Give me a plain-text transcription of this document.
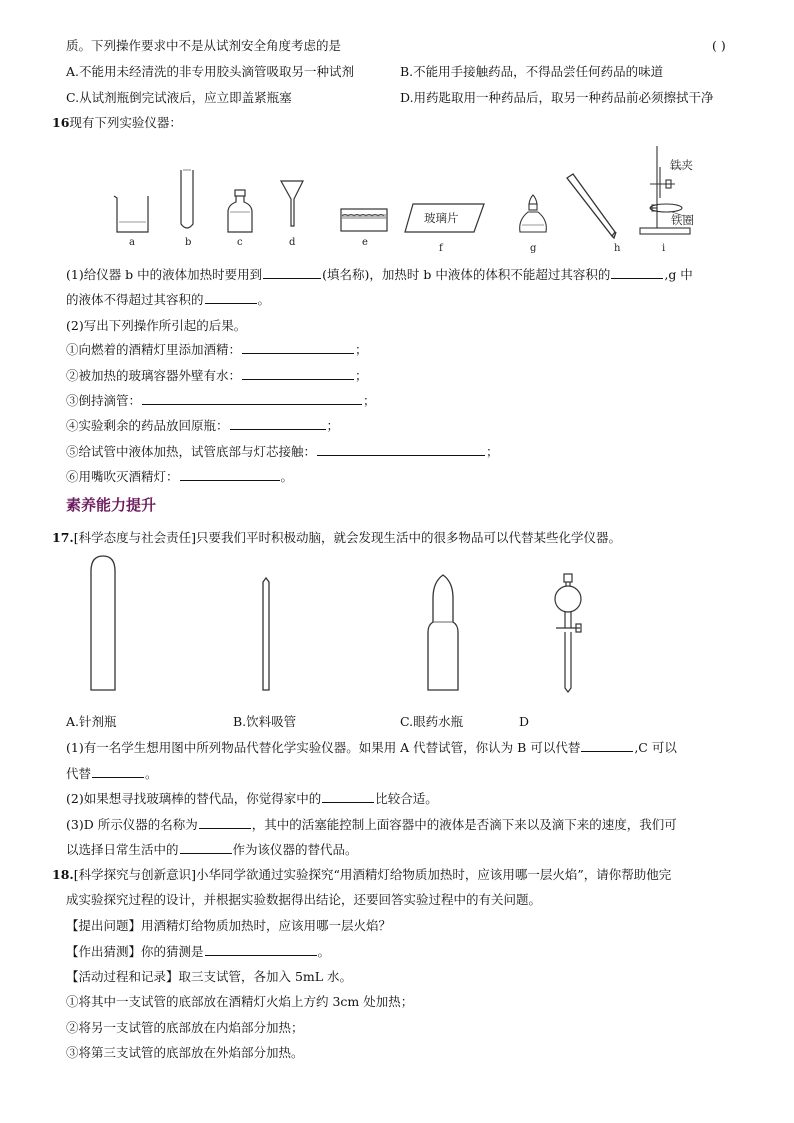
质。下列操作要求中不是从试剂安全角度考虑的是	( )
A.不能用未经清洗的非专用胶头滴管吸取另一种试剂	B.不能用手接触药品，不得品尝任何药品的味道
C.从试剂瓶倒完试液后，应立即盖紧瓶塞	D.用药匙取用一种药品后，取另一种药品前必须擦拭干净
16现有下列实验仪器：
玻璃片
铁夹
铁圈
a	b	c	d	e
f	g	h	i
(1)给仪器 b 中的液体加热时要用到	(填名称)，加热时 b 中液体的体积不能超过其容积的	,g 中
的液体不得超过其容积的	。
(2)写出下列操作所引起的后果。
①向燃着的酒精灯里添加酒精：	；
②被加热的玻璃容器外壁有水：	；
③倒持滴管：	；
④实验剩余的药品放回原瓶：	；
⑤给试管中液体加热，试管底部与灯芯接触：	；
⑥用嘴吹灭酒精灯：	。
素养能力提升
17.[科学态度与社会责任]只要我们平时积极动脑，就会发现生活中的很多物品可以代替某些化学仪器。
A.针剂瓶	B.饮料吸管	C.眼药水瓶	D
(1)有一名学生想用图中所列物品代替化学实验仪器。如果用 A 代替试管，你认为 B 可以代替	,C 可以
代替	。
(2)如果想寻找玻璃棒的替代品，你觉得家中的	比较合适。
(3)D 所示仪器的名称为	，其中的活塞能控制上面容器中的液体是否滴下来以及滴下来的速度，我们可
以选择日常生活中的	作为该仪器的替代品。
18.[科学探究与创新意识]小华同学欲通过实验探究“用酒精灯给物质加热时，应该用哪一层火焰”，请你帮助他完
成实验探究过程的设计，并根据实验数据得出结论，还要回答实验过程中的有关问题。
【提出问题】用酒精灯给物质加热时，应该用哪一层火焰？
【作出猜测】你的猜测是	。
【活动过程和记录】取三支试管，各加入 5mL 水。
①将其中一支试管的底部放在酒精灯火焰上方约 3cm 处加热；
②将另一支试管的底部放在内焰部分加热；
③将第三支试管的底部放在外焰部分加热。
